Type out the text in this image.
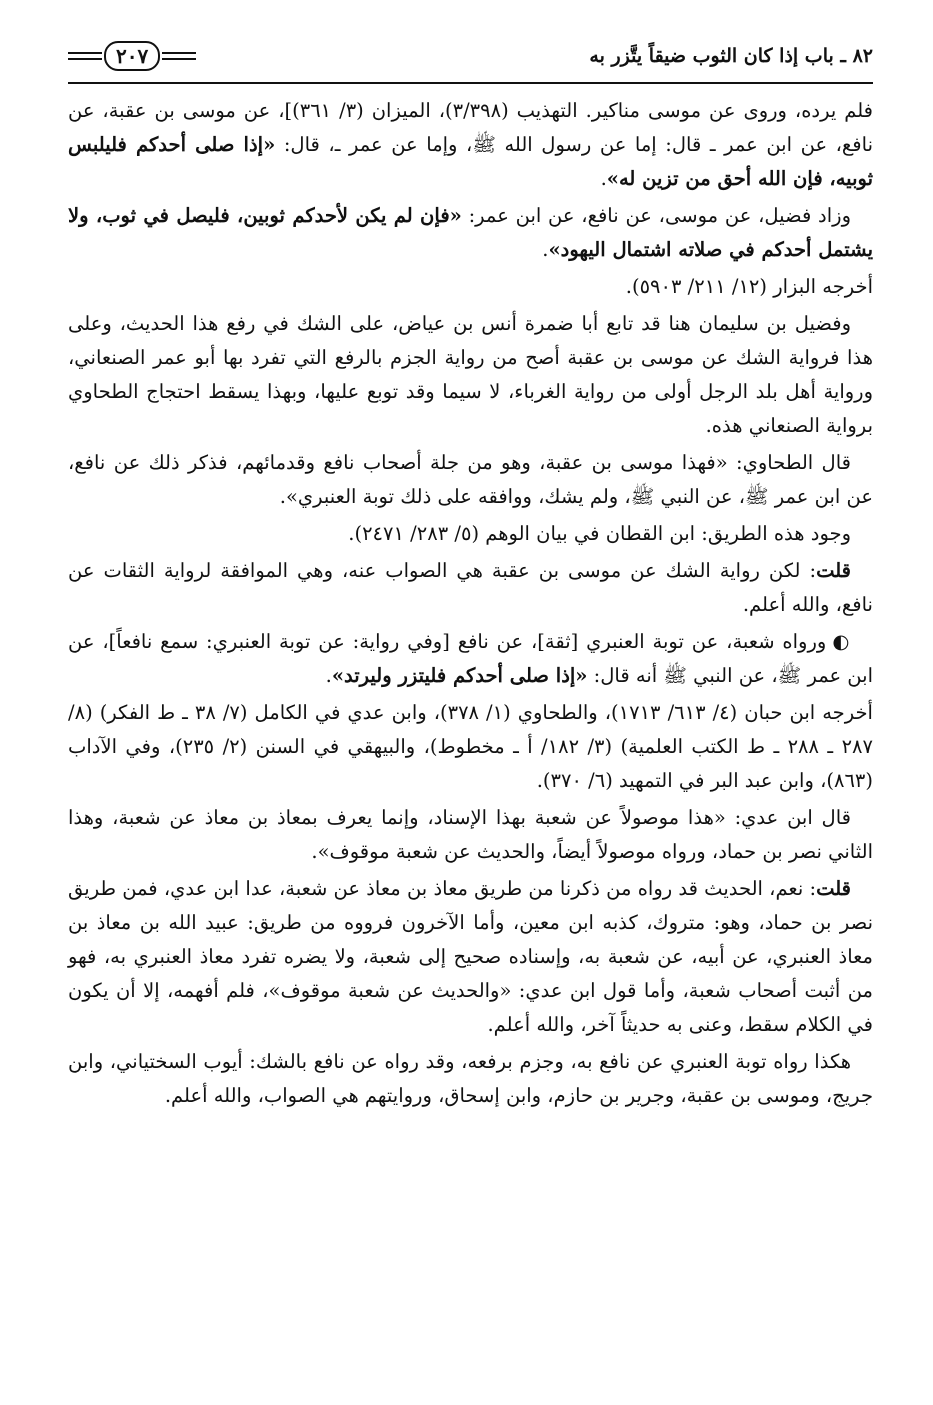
٨٢ ـ باب إذا كان الثوب ضيقاً يتَّزر به
٢٠٧

فلم يرده، وروى عن موسى مناكير. التهذيب (٣/٣٩٨)، الميزان (٣/ ٣٦١)]، عن موسى بن عقبة، عن نافع، عن ابن عمر ـ قال: إما عن رسول الله ﷺ، وإما عن عمر ـ، قال: «إذا صلى أحدكم فليلبس ثوبيه، فإن الله أحق من تزين له».

وزاد فضيل، عن موسى، عن نافع، عن ابن عمر: «فإن لم يكن لأحدكم ثوبين، فليصل في ثوب، ولا يشتمل أحدكم في صلاته اشتمال اليهود».

أخرجه البزار (١٢/ ٢١١/ ٥٩٠٣).

وفضيل بن سليمان هنا قد تابع أبا ضمرة أنس بن عياض، على الشك في رفع هذا الحديث، وعلى هذا فرواية الشك عن موسى بن عقبة أصح من رواية الجزم بالرفع التي تفرد بها أبو عمر الصنعاني، ورواية أهل بلد الرجل أولى من رواية الغرباء، لا سيما وقد توبع عليها، وبهذا يسقط احتجاج الطحاوي برواية الصنعاني هذه.

قال الطحاوي: «فهذا موسى بن عقبة، وهو من جلة أصحاب نافع وقدمائهم، فذكر ذلك عن نافع، عن ابن عمر ﷺ، عن النبي ﷺ، ولم يشك، ووافقه على ذلك توبة العنبري».

وجود هذه الطريق: ابن القطان في بيان الوهم (٥/ ٢٨٣/ ٢٤٧١).

قلت: لكن رواية الشك عن موسى بن عقبة هي الصواب عنه، وهي الموافقة لرواية الثقات عن نافع، والله أعلم.

◐ورواه شعبة، عن توبة العنبري [ثقة]، عن نافع [وفي رواية: عن توبة العنبري: سمع نافعاً]، عن ابن عمر ﷺ، عن النبي ﷺ أنه قال: «إذا صلى أحدكم فليتزر وليرتد».

أخرجه ابن حبان (٤/ ٦١٣/ ١٧١٣)، والطحاوي (١/ ٣٧٨)، وابن عدي في الكامل (٧/ ٣٨ ـ ط الفكر) (٨/ ٢٨٧ ـ ٢٨٨ ـ ط الكتب العلمية) (٣/ ١٨٢/ أ ـ مخطوط)، والبيهقي في السنن (٢/ ٢٣٥)، وفي الآداب (٨٦٣)، وابن عبد البر في التمهيد (٦/ ٣٧٠).

قال ابن عدي: «هذا موصولاً عن شعبة بهذا الإسناد، وإنما يعرف بمعاذ بن معاذ عن شعبة، وهذا الثاني نصر بن حماد، ورواه موصولاً أيضاً، والحديث عن شعبة موقوف».

قلت: نعم، الحديث قد رواه من ذكرنا من طريق معاذ بن معاذ عن شعبة، عدا ابن عدي، فمن طريق نصر بن حماد، وهو: متروك، كذبه ابن معين، وأما الآخرون فرووه من طريق: عبيد الله بن معاذ بن معاذ العنبري، عن أبيه، عن شعبة به، وإسناده صحيح إلى شعبة، ولا يضره تفرد معاذ العنبري به، فهو من أثبت أصحاب شعبة، وأما قول ابن عدي: «والحديث عن شعبة موقوف»، فلم أفهمه، إلا أن يكون في الكلام سقط، وعنى به حديثاً آخر، والله أعلم.

هكذا رواه توبة العنبري عن نافع به، وجزم برفعه، وقد رواه عن نافع بالشك: أيوب السختياني، وابن جريج، وموسى بن عقبة، وجرير بن حازم، وابن إسحاق، وروايتهم هي الصواب، والله أعلم.
